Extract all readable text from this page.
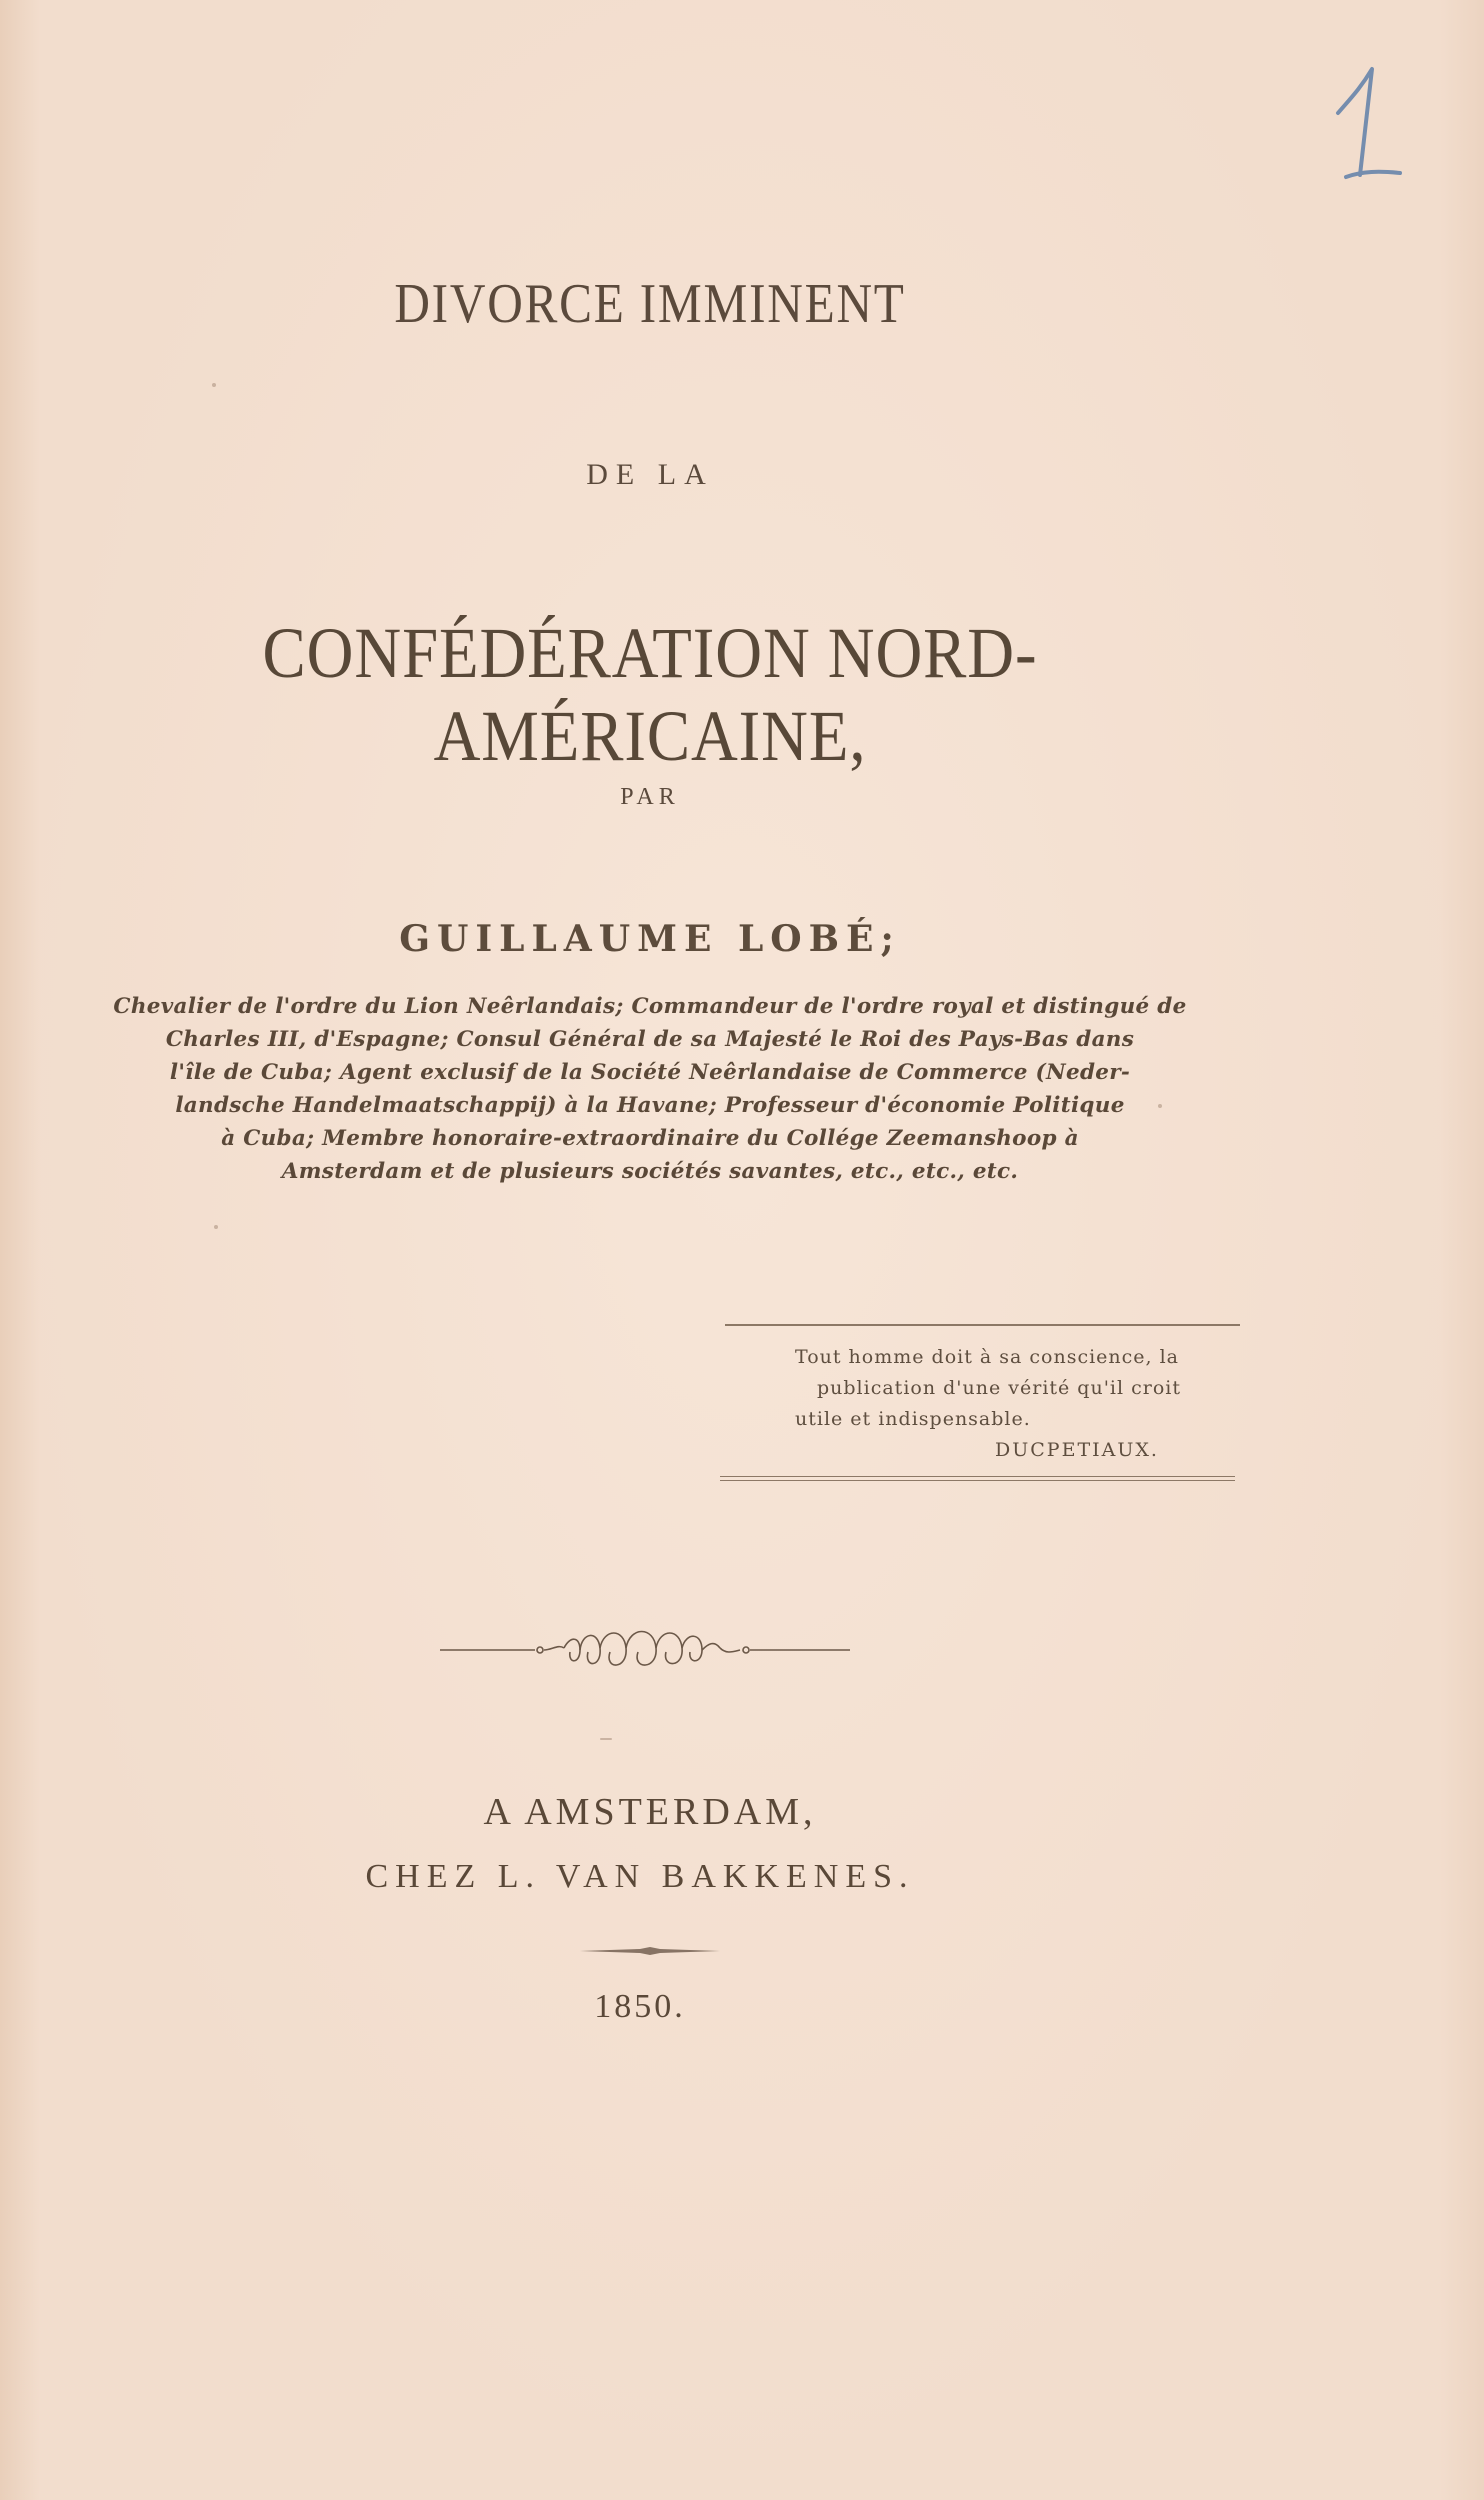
DIVORCE IMMINENT
DE LA
CONFÉDÉRATION NORD-AMÉRICAINE,
PAR
GUILLAUME LOBÉ;
Chevalier de l'ordre du Lion Neêrlandais; Commandeur de l'ordre royal et distingué de
Charles III, d'Espagne; Consul Général de sa Majesté le Roi des Pays-Bas dans
l'île de Cuba; Agent exclusif de la Société Neêrlandaise de Commerce (Neder-
landsche Handelmaatschappij) à la Havane; Professeur d'économie Politique
à Cuba; Membre honoraire-extraordinaire du Collége Zeemanshoop à
Amsterdam et de plusieurs sociétés savantes, etc., etc., etc.
Tout homme doit à sa conscience, la
publication d'une vérité qu'il croit
utile et indispensable.
DUCPETIAUX.
A AMSTERDAM,
CHEZ L. VAN BAKKENES.
1850.
